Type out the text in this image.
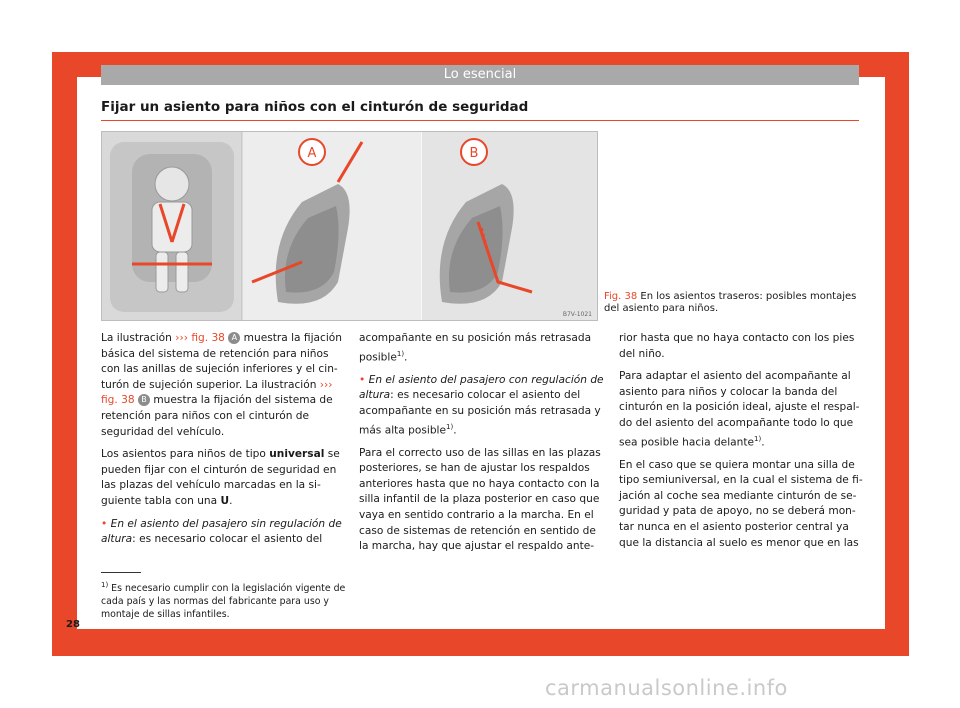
Lo esencial
Fijar un asiento para niños con el cinturón de seguridad
A	B
B7V-1021
Fig. 38 En los asientos traseros: posibles montajes del asiento para niños.

La ilustración ››› fig. 38 A muestra la fijación básica del sistema de retención para niños con las anillas de sujeción inferiores y el cin- turón de sujeción superior. La ilustración ››› fig. 38 B muestra la fijación del sistema de retención para niños con el cinturón de seguridad del vehículo.

Los asientos para niños de tipo universal se pueden fijar con el cinturón de seguridad en las plazas del vehículo marcadas en la si- guiente tabla con una U.

• En el asiento del pasajero sin regulación de altura: es necesario colocar el asiento del

acompañante en su posición más retrasada posible$^{1)}$.

• En el asiento del pasajero con regulación de altura: es necesario colocar el asiento del acompañante en su posición más retrasada y más alta posible$^{1)}$.

Para el correcto uso de las sillas en las plazas posteriores, se han de ajustar los respaldos anteriores hasta que no haya contacto con la silla infantil de la plaza posterior en caso que vaya en sentido contrario a la marcha. En el caso de sistemas de retención en sentido de la marcha, hay que ajustar el respaldo ante-

rior hasta que no haya contacto con los pies del niño.

Para adaptar el asiento del acompañante al asiento para niños y colocar la banda del cinturón en la posición ideal, ajuste el respal- do del asiento del acompañante todo lo que sea posible hacia delante$^{1)}$.

En el caso que se quiera montar una silla de tipo semiuniversal, en la cual el sistema de fi- jación al coche sea mediante cinturón de se- guridad y pata de apoyo, no se deberá mon- tar nunca en el asiento posterior central ya que la distancia al suelo es menor que en las

$^{1)}$ Es necesario cumplir con la legislación vigente de cada país y las normas del fabricante para uso y montaje de sillas infantiles.
28
carmanualsonline.info
